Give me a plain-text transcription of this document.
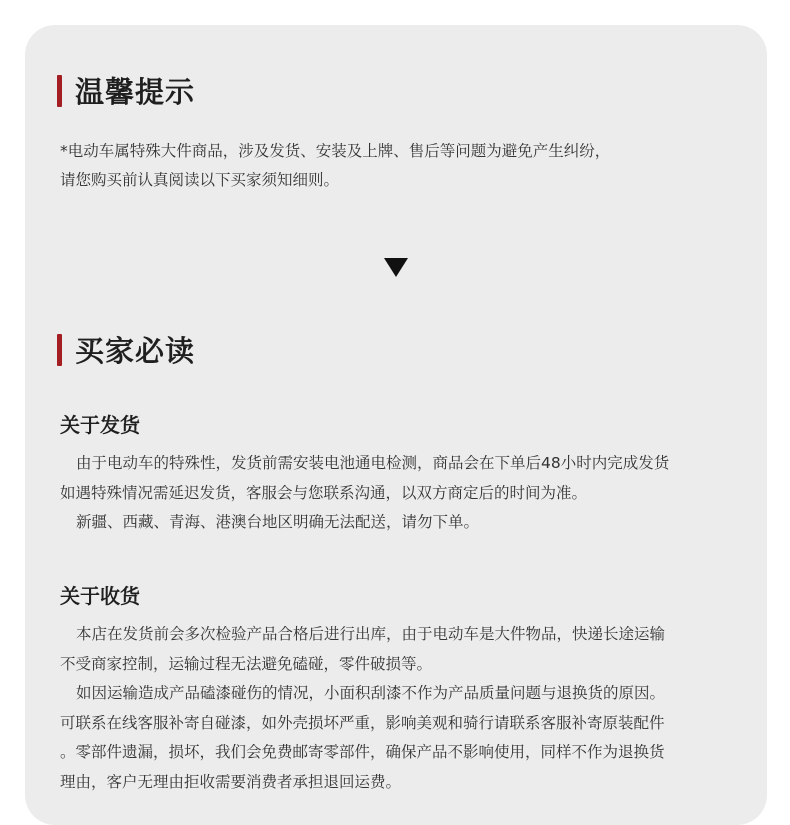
温馨提示
*电动车属特殊大件商品，涉及发货、安装及上牌、售后等问题为避免产生纠纷，
请您购买前认真阅读以下买家须知细则。
买家必读
关于发货
由于电动车的特殊性，发货前需安装电池通电检测，商品会在下单后48小时内完成发货
如遇特殊情况需延迟发货，客服会与您联系沟通，以双方商定后的时间为准。
新疆、西藏、青海、港澳台地区明确无法配送，请勿下单。
关于收货
本店在发货前会多次检验产品合格后进行出库，由于电动车是大件物品，快递长途运输
不受商家控制，运输过程无法避免磕碰，零件破损等。
如因运输造成产品磕漆碰伤的情况，小面积刮漆不作为产品质量问题与退换货的原因。
可联系在线客服补寄自碰漆，如外壳损坏严重，影响美观和骑行请联系客服补寄原装配件
。零部件遗漏，损坏，我们会免费邮寄零部件，确保产品不影响使用，同样不作为退换货
理由，客户无理由拒收需要消费者承担退回运费。
